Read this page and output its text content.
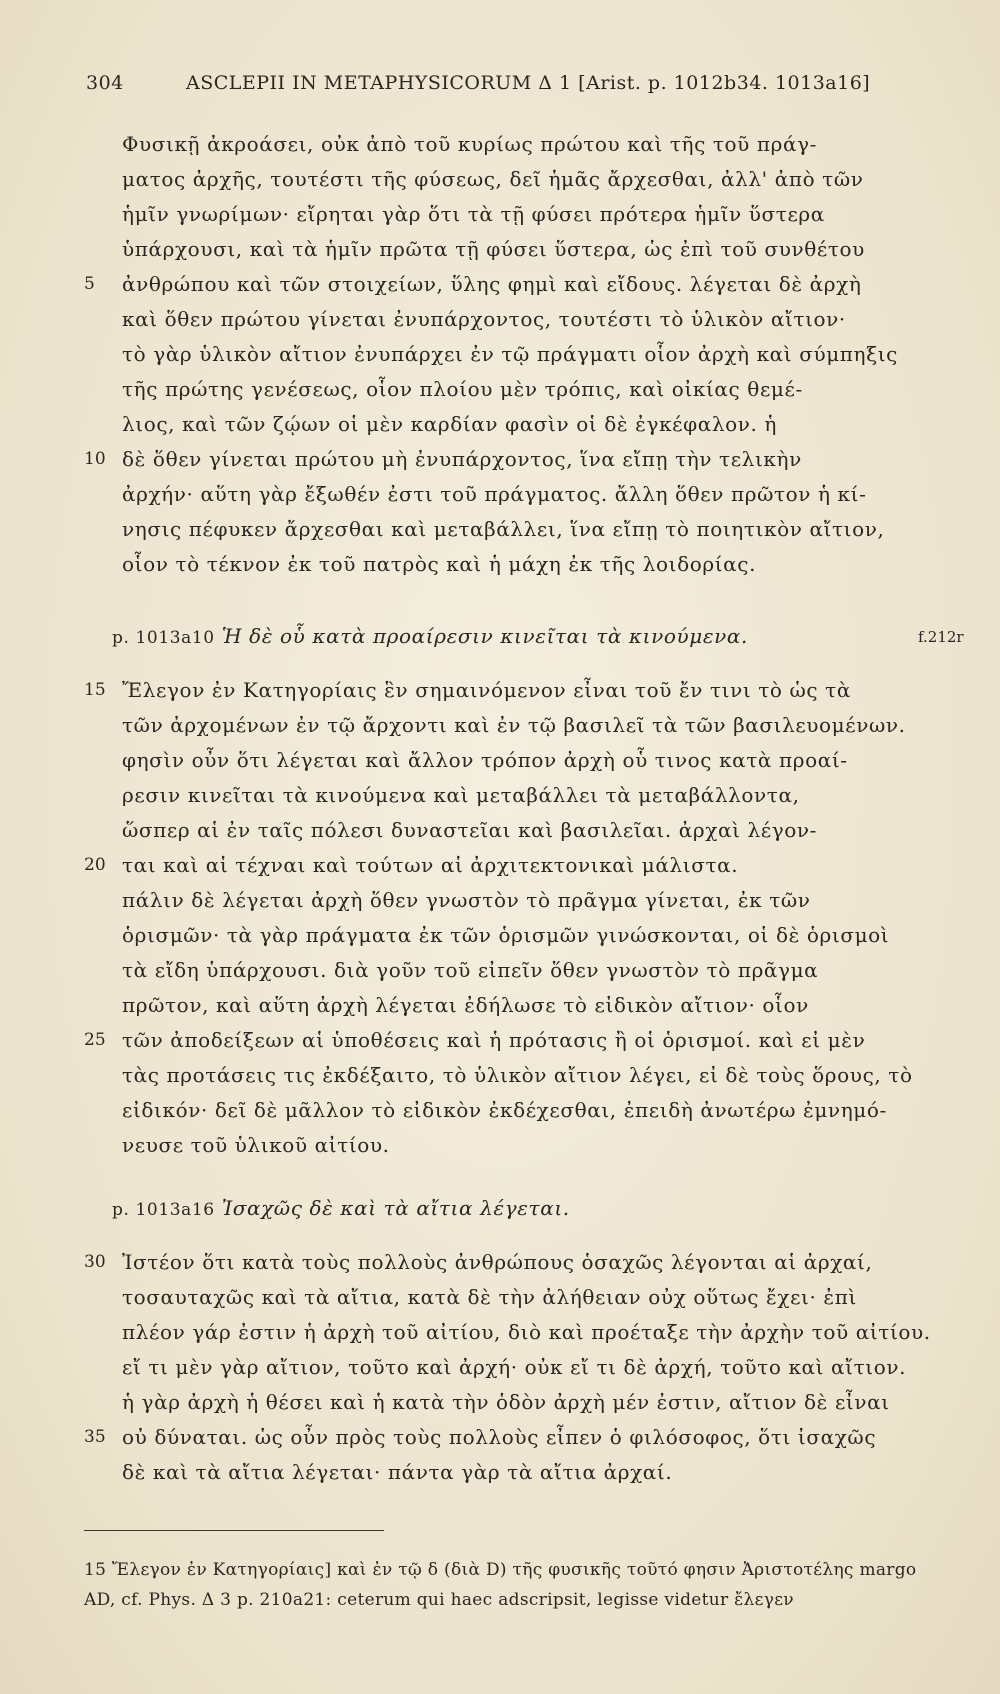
304	ASCLEPII IN METAPHYSICORUM Δ 1 [Arist. p. 1012b34. 1013a16]
Φυσικῇ ἀκροάσει, οὐκ ἀπὸ τοῦ κυρίως πρώτου καὶ τῆς τοῦ πράγ-
ματος ἀρχῆς, τουτέστι τῆς φύσεως, δεῖ ἡμᾶς ἄρχεσθαι, ἀλλ' ἀπὸ τῶν
ἡμῖν γνωρίμων· εἴρηται γὰρ ὅτι τὰ τῇ φύσει πρότερα ἡμῖν ὕστερα
ὑπάρχουσι, καὶ τὰ ἡμῖν πρῶτα τῇ φύσει ὕστερα, ὡς ἐπὶ τοῦ συνθέτου
5	ἀνθρώπου καὶ τῶν στοιχείων, ὕλης φημὶ καὶ εἴδους. λέγεται δὲ ἀρχὴ
καὶ ὅθεν πρώτου γίνεται ἐνυπάρχοντος, τουτέστι τὸ ὑλικὸν αἴτιον·
τὸ γὰρ ὑλικὸν αἴτιον ἐνυπάρχει ἐν τῷ πράγματι οἷον ἀρχὴ καὶ σύμπηξις
τῆς πρώτης γενέσεως, οἷον πλοίου μὲν τρόπις, καὶ οἰκίας θεμέ-
λιος, καὶ τῶν ζῴων οἱ μὲν καρδίαν φασὶν οἱ δὲ ἐγκέφαλον. ἡ
10 δὲ ὅθεν γίνεται πρώτου μὴ ἐνυπάρχοντος, ἵνα εἴπῃ τὴν τελικὴν
ἀρχήν· αὕτη γὰρ ἔξωθέν ἐστι τοῦ πράγματος. ἄλλη ὅθεν πρῶτον ἡ κί-
νησις πέφυκεν ἄρχεσθαι καὶ μεταβάλλει, ἵνα εἴπῃ τὸ ποιητικὸν αἴτιον,
οἷον τὸ τέκνον ἐκ τοῦ πατρὸς καὶ ἡ μάχη ἐκ τῆς λοιδορίας.
p. 1013a10 Ἡ δὲ οὗ κατὰ προαίρεσιν κινεῖται τὰ κινούμενα.	f.212r
15 Ἔλεγον ἐν Κατηγορίαις ἓν σημαινόμενον εἶναι τοῦ ἔν τινι τὸ ὡς τὰ
τῶν ἀρχομένων ἐν τῷ ἄρχοντι καὶ ἐν τῷ βασιλεῖ τὰ τῶν βασιλευομένων.
φησὶν οὖν ὅτι λέγεται καὶ ἄλλον τρόπον ἀρχὴ οὗ τινος κατὰ προαί-
ρεσιν κινεῖται τὰ κινούμενα καὶ μεταβάλλει τὰ μεταβάλλοντα,
ὥσπερ αἱ ἐν ταῖς πόλεσι δυναστεῖαι καὶ βασιλεῖαι. ἀρχαὶ λέγον-
20 ται καὶ αἱ τέχναι καὶ τούτων αἱ ἀρχιτεκτονικαὶ μάλιστα.
πάλιν δὲ λέγεται ἀρχὴ ὅθεν γνωστὸν τὸ πρᾶγμα γίνεται, ἐκ τῶν
ὁρισμῶν· τὰ γὰρ πράγματα ἐκ τῶν ὁρισμῶν γινώσκονται, οἱ δὲ ὁρισμοὶ
τὰ εἴδη ὑπάρχουσι. διὰ γοῦν τοῦ εἰπεῖν ὅθεν γνωστὸν τὸ πρᾶγμα
πρῶτον, καὶ αὕτη ἀρχὴ λέγεται ἐδήλωσε τὸ εἰδικὸν αἴτιον· οἷον
25 τῶν ἀποδείξεων αἱ ὑποθέσεις καὶ ἡ πρότασις ἢ οἱ ὁρισμοί. καὶ εἰ μὲν
τὰς προτάσεις τις ἐκδέξαιτο, τὸ ὑλικὸν αἴτιον λέγει, εἰ δὲ τοὺς ὅρους, τὸ
εἰδικόν· δεῖ δὲ μᾶλλον τὸ εἰδικὸν ἐκδέχεσθαι, ἐπειδὴ ἀνωτέρω ἐμνημό-
νευσε τοῦ ὑλικοῦ αἰτίου.
p. 1013a16 Ἰσαχῶς δὲ καὶ τὰ αἴτια λέγεται.
30 Ἰστέον ὅτι κατὰ τοὺς πολλοὺς ἀνθρώπους ὁσαχῶς λέγονται αἱ ἀρχαί,
τοσαυταχῶς καὶ τὰ αἴτια, κατὰ δὲ τὴν ἀλήθειαν οὐχ οὕτως ἔχει· ἐπὶ
πλέον γάρ ἐστιν ἡ ἀρχὴ τοῦ αἰτίου, διὸ καὶ προέταξε τὴν ἀρχὴν τοῦ αἰτίου.
εἴ τι μὲν γὰρ αἴτιον, τοῦτο καὶ ἀρχή· οὐκ εἴ τι δὲ ἀρχή, τοῦτο καὶ αἴτιον.
ἡ γὰρ ἀρχὴ ἡ θέσει καὶ ἡ κατὰ τὴν ὁδὸν ἀρχὴ μέν ἐστιν, αἴτιον δὲ εἶναι
35 οὐ δύναται. ὡς οὖν πρὸς τοὺς πολλοὺς εἶπεν ὁ φιλόσοφος, ὅτι ἰσαχῶς
δὲ καὶ τὰ αἴτια λέγεται· πάντα γὰρ τὰ αἴτια ἀρχαί.
15 Ἔλεγον ἐν Κατηγορίαις] καὶ ἐν τῷ δ (διὰ D) τῆς φυσικῆς τοῦτό φησιν Ἀριστοτέλης margo
AD, cf. Phys. Δ 3 p. 210a21: ceterum qui haec adscripsit, legisse videtur ἔλεγεν
